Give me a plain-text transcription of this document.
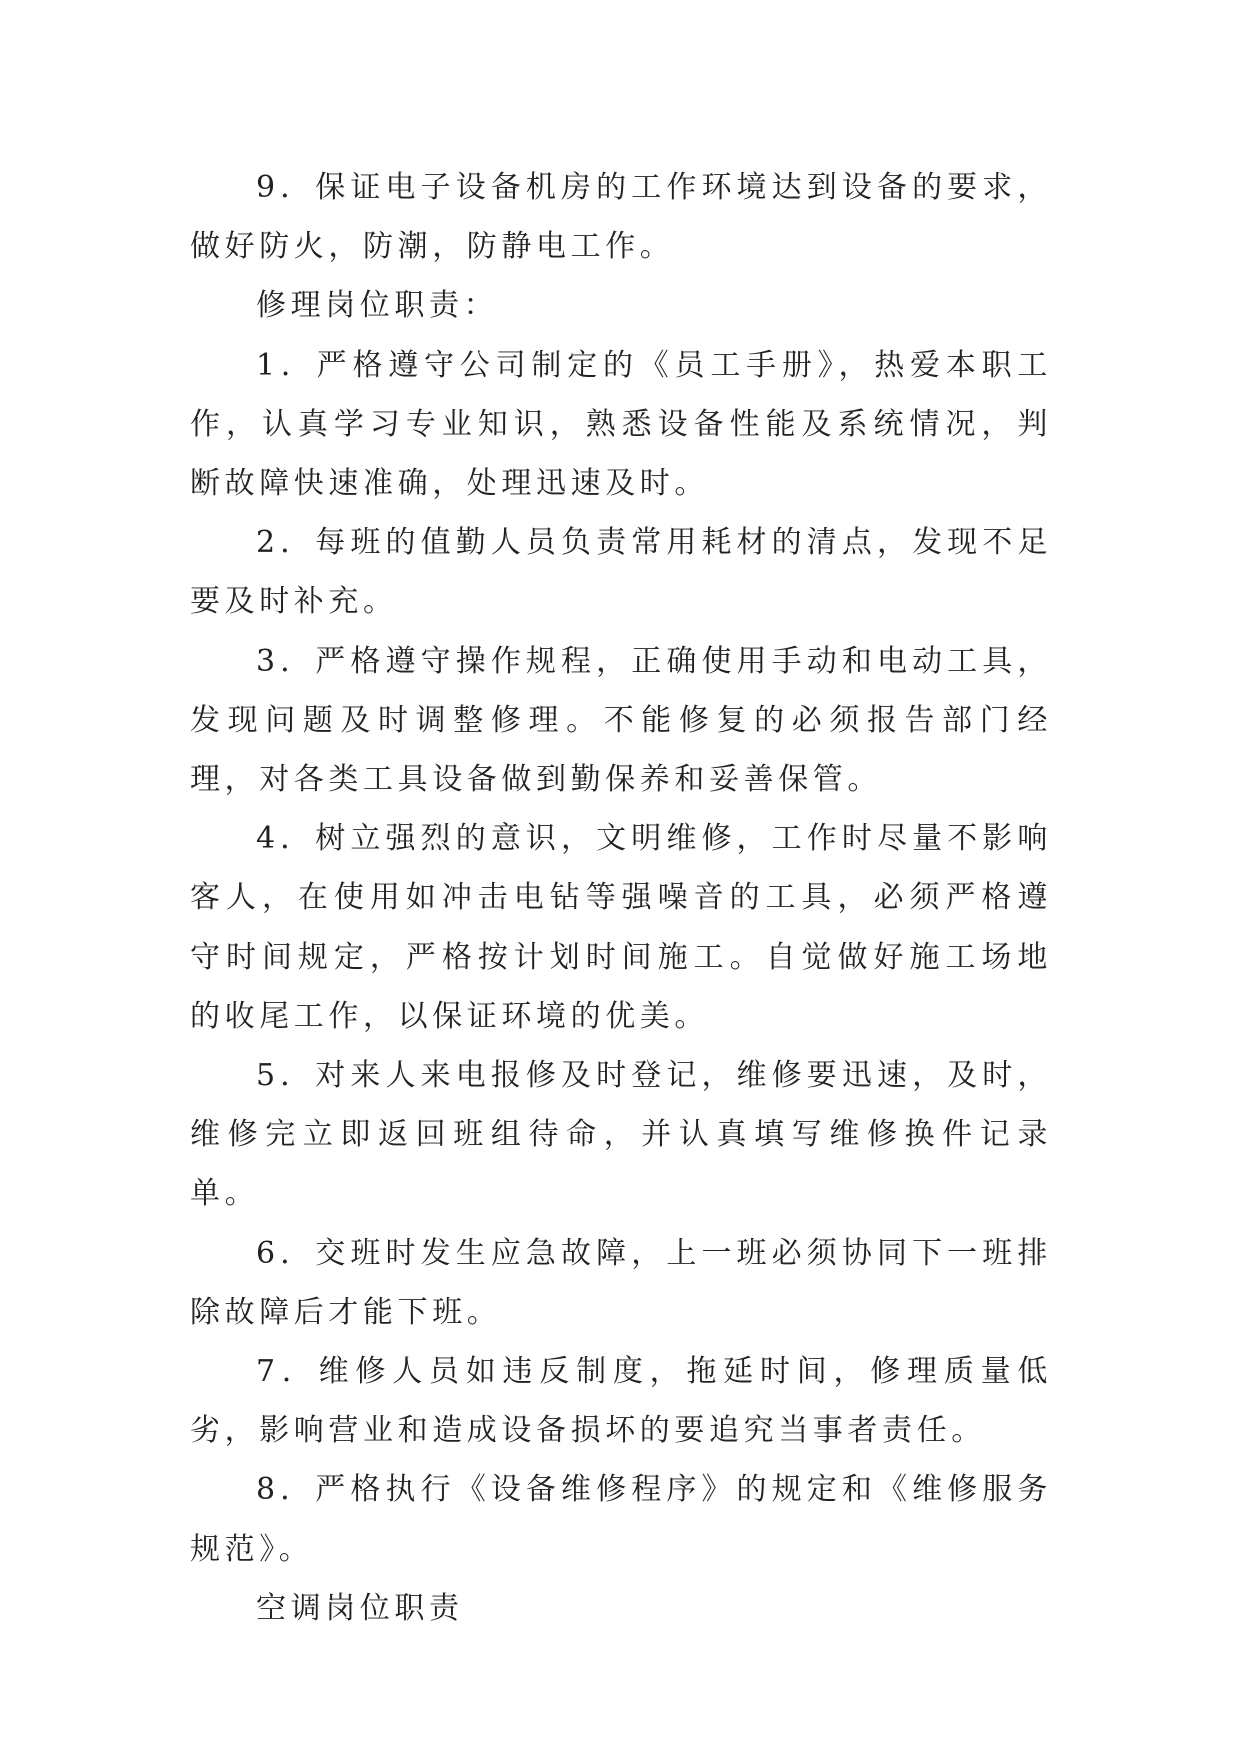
9．保证电子设备机房的工作环境达到设备的要求，做好防火，防潮，防静电工作。

修理岗位职责：

1．严格遵守公司制定的《员工手册》，热爱本职工作，认真学习专业知识，熟悉设备性能及系统情况，判断故障快速准确，处理迅速及时。

2．每班的值勤人员负责常用耗材的清点，发现不足要及时补充。

3．严格遵守操作规程，正确使用手动和电动工具，发现问题及时调整修理。不能修复的必须报告部门经理，对各类工具设备做到勤保养和妥善保管。

4．树立强烈的意识，文明维修，工作时尽量不影响客人，在使用如冲击电钻等强噪音的工具，必须严格遵守时间规定，严格按计划时间施工。自觉做好施工场地的收尾工作，以保证环境的优美。

5．对来人来电报修及时登记，维修要迅速，及时，维修完立即返回班组待命，并认真填写维修换件记录单。

6．交班时发生应急故障，上一班必须协同下一班排除故障后才能下班。

7．维修人员如违反制度，拖延时间，修理质量低劣，影响营业和造成设备损坏的要追究当事者责任。

8．严格执行《设备维修程序》的规定和《维修服务规范》。

空调岗位职责
